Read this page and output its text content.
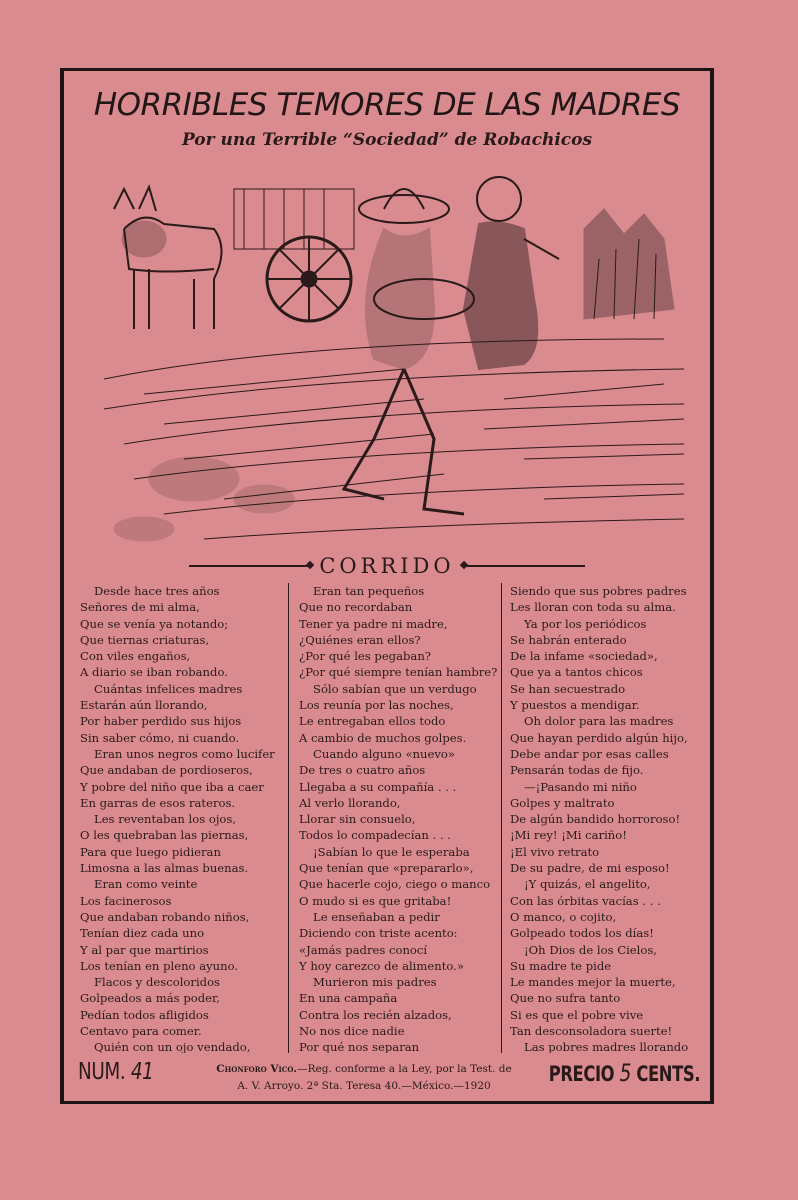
HORRIBLES TEMORES DE LAS MADRES
Por una Terrible “Sociedad” de Robachicos
CORRIDO
Desde hace tres años
Señores de mi alma,
Que se venía ya notando;
Que tiernas criaturas,
Con viles engaños,
A diario se iban robando.
Cuántas infelices madres
Estarán aún llorando,
Por haber perdido sus hijos
Sin saber cómo, ni cuando.
Eran unos negros como lucifer
Que andaban de pordioseros,
Y pobre del niño que iba a caer
En garras de esos rateros.
Les reventaban los ojos,
O les quebraban las piernas,
Para que luego pidieran
Limosna a las almas buenas.
Eran como veinte
Los facinerosos
Que andaban robando niños,
Tenían diez cada uno
Y al par que martirios
Los tenían en pleno ayuno.
Flacos y descoloridos
Golpeados a más poder,
Pedían todos afligidos
Centavo para comer.
Quién con un ojo vendado,
Eran tan pequeños
Que no recordaban
Tener ya padre ni madre,
¿Quiénes eran ellos?
¿Por qué les pegaban?
¿Por qué siempre tenían hambre?
Sólo sabían que un verdugo
Los reunía por las noches,
Le entregaban ellos todo
A cambio de muchos golpes.
Cuando alguno «nuevo»
De tres o cuatro años
Llegaba a su compañía . . .
Al verlo llorando,
Llorar sin consuelo,
Todos lo compadecían . . .
¡Sabían lo que le esperaba
Que tenían que «prepararlo»,
Que hacerle cojo, ciego o manco
O mudo si es que gritaba!
Le enseñaban a pedir
Diciendo con triste acento:
«Jamás padres conocí
Y hoy carezco de alimento.»
Murieron mis padres
En una campaña
Contra los recién alzados,
No nos dice nadie
Por qué nos separan
Siendo que sus pobres padres
Les lloran con toda su alma.
Ya por los periódicos
Se habrán enterado
De la infame «sociedad»,
Que ya a tantos chicos
Se han secuestrado
Y puestos a mendigar.
Oh dolor para las madres
Que hayan perdido algún hijo,
Debe andar por esas calles
Pensarán todas de fijo.
—¡Pasando mi niño
Golpes y maltrato
De algún bandido horroroso!
¡Mi rey! ¡Mi cariño!
¡El vivo retrato
De su padre, de mi esposo!
¡Y quizás, el angelito,
Con las órbitas vacías . . .
O manco, o cojito,
Golpeado todos los días!
¡Oh Dios de los Cielos,
Su madre te pide
Le mandes mejor la muerte,
Que no sufra tanto
Si es que el pobre vive
Tan desconsoladora suerte!
Las pobres madres llorando
NUM. 41	Chonforo Vico.—Reg. conforme a la Ley, por la Test. de
A. V. Arroyo. 2ª Sta. Teresa 40.—México.—1920	PRECIO 5 CENTS.
